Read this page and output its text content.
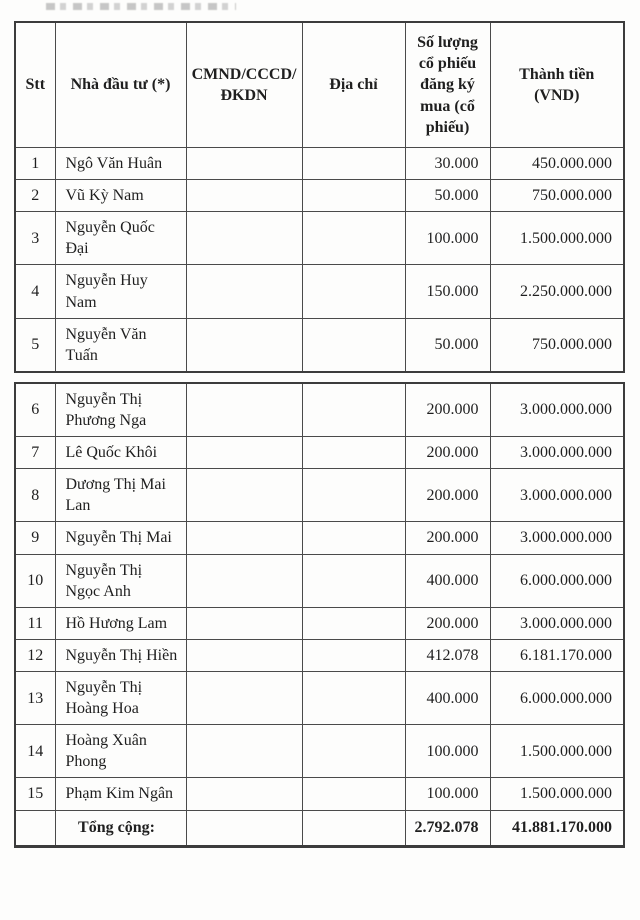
Stt	Nhà đầu tư (*)	CMND/CCCD/ĐKDN	Địa chỉ	Số lượng cổ phiếu đăng ký mua (cổ phiếu)	Thành tiền (VND)
1	Ngô Văn Huân			30.000	450.000.000
2	Vũ Kỳ Nam			50.000	750.000.000
3	Nguyễn Quốc Đại			100.000	1.500.000.000
4	Nguyễn Huy Nam			150.000	2.250.000.000
5	Nguyễn Văn Tuấn			50.000	750.000.000
6	Nguyễn Thị Phương Nga			200.000	3.000.000.000
7	Lê Quốc Khôi			200.000	3.000.000.000
8	Dương Thị Mai Lan			200.000	3.000.000.000
9	Nguyễn Thị Mai			200.000	3.000.000.000
10	Nguyễn Thị Ngọc Anh			400.000	6.000.000.000
11	Hồ Hương Lam			200.000	3.000.000.000
12	Nguyễn Thị Hiền			412.078	6.181.170.000
13	Nguyễn Thị Hoàng Hoa			400.000	6.000.000.000
14	Hoàng Xuân Phong			100.000	1.500.000.000
15	Phạm Kim Ngân			100.000	1.500.000.000
	Tổng cộng:			2.792.078	41.881.170.000
